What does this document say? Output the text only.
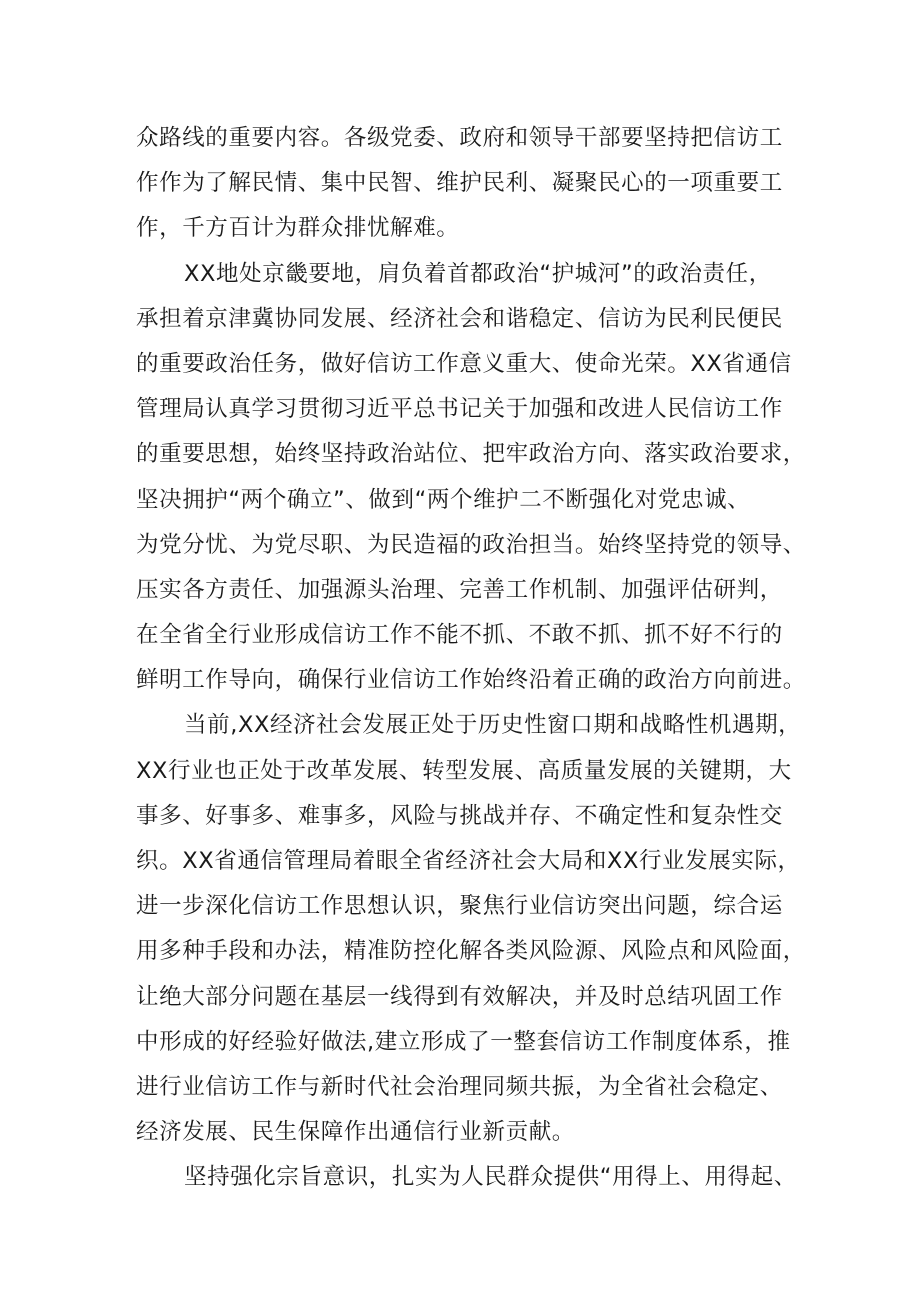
众路线的重要内容。各级党委、政府和领导干部要坚持把信访工
作作为了解民情、集中民智、维护民利、凝聚民心的一项重要工
作，千方百计为群众排忧解难。
XX地处京畿要地，肩负着首都政治“护城河”的政治责任，
承担着京津冀协同发展、经济社会和谐稳定、信访为民利民便民
的重要政治任务，做好信访工作意义重大、使命光荣。XX省通信
管理局认真学习贯彻习近平总书记关于加强和改进人民信访工作
的重要思想，始终坚持政治站位、把牢政治方向、落实政治要求，
坚决拥护“两个确立”、做到“两个维护二不断强化对党忠诚、
为党分忧、为党尽职、为民造福的政治担当。始终坚持党的领导、
压实各方责任、加强源头治理、完善工作机制、加强评估研判，
在全省全行业形成信访工作不能不抓、不敢不抓、抓不好不行的
鲜明工作导向，确保行业信访工作始终沿着正确的政治方向前进。
当前,XX经济社会发展正处于历史性窗口期和战略性机遇期，
XX行业也正处于改革发展、转型发展、高质量发展的关键期，大
事多、好事多、难事多，风险与挑战并存、不确定性和复杂性交
织。XX省通信管理局着眼全省经济社会大局和XX行业发展实际，
进一步深化信访工作思想认识，聚焦行业信访突出问题，综合运
用多种手段和办法，精准防控化解各类风险源、风险点和风险面，
让绝大部分问题在基层一线得到有效解决，并及时总结巩固工作
中形成的好经验好做法,建立形成了一整套信访工作制度体系，推
进行业信访工作与新时代社会治理同频共振，为全省社会稳定、
经济发展、民生保障作出通信行业新贡献。
坚持强化宗旨意识，扎实为人民群众提供“用得上、用得起、
